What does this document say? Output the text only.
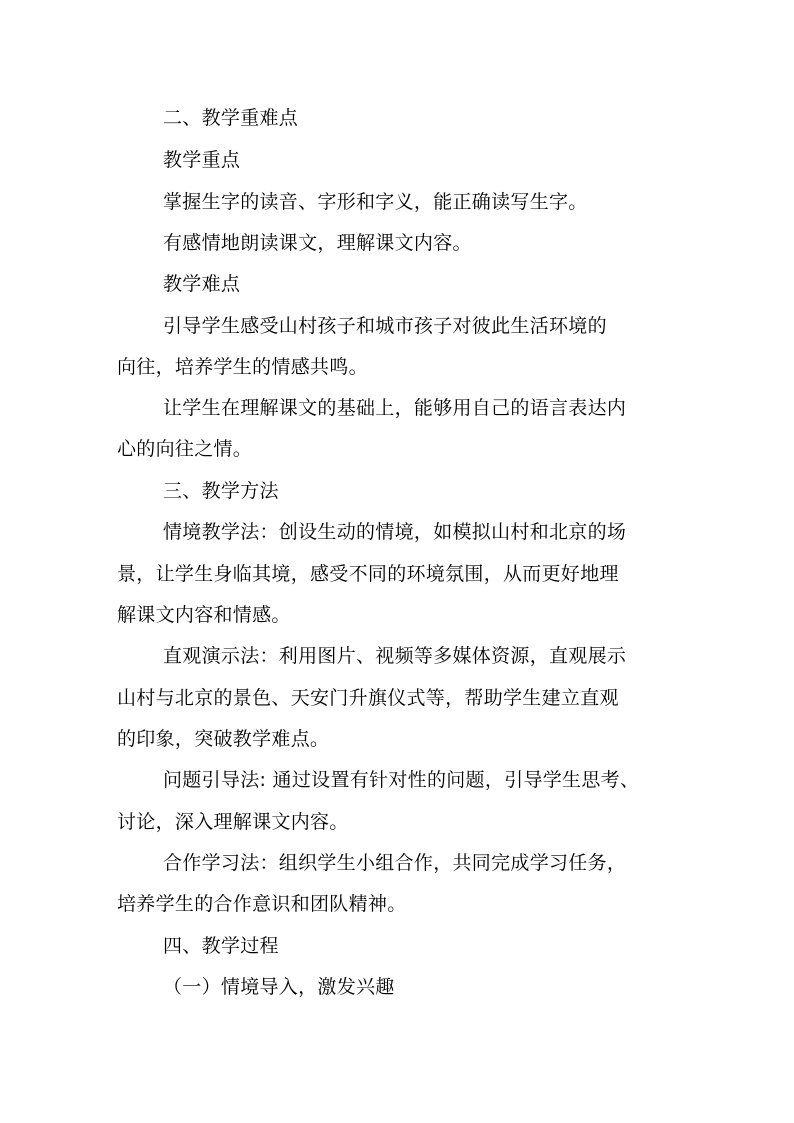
二、教学重难点

教学重点

掌握生字的读音、字形和字义，能正确读写生字。

有感情地朗读课文，理解课文内容。

教学难点

引导学生感受山村孩子和城市孩子对彼此生活环境的

向往，培养学生的情感共鸣。

让学生在理解课文的基础上，能够用自己的语言表达内

心的向往之情。

三、教学方法

情境教学法：创设生动的情境，如模拟山村和北京的场

景，让学生身临其境，感受不同的环境氛围，从而更好地理

解课文内容和情感。

直观演示法：利用图片、视频等多媒体资源，直观展示

山村与北京的景色、天安门升旗仪式等，帮助学生建立直观

的印象，突破教学难点。

问题引导法: 通过设置有针对性的问题，引导学生思考、

讨论，深入理解课文内容。

合作学习法：组织学生小组合作，共同完成学习任务，

培养学生的合作意识和团队精神。

四、教学过程

（一）情境导入，激发兴趣
